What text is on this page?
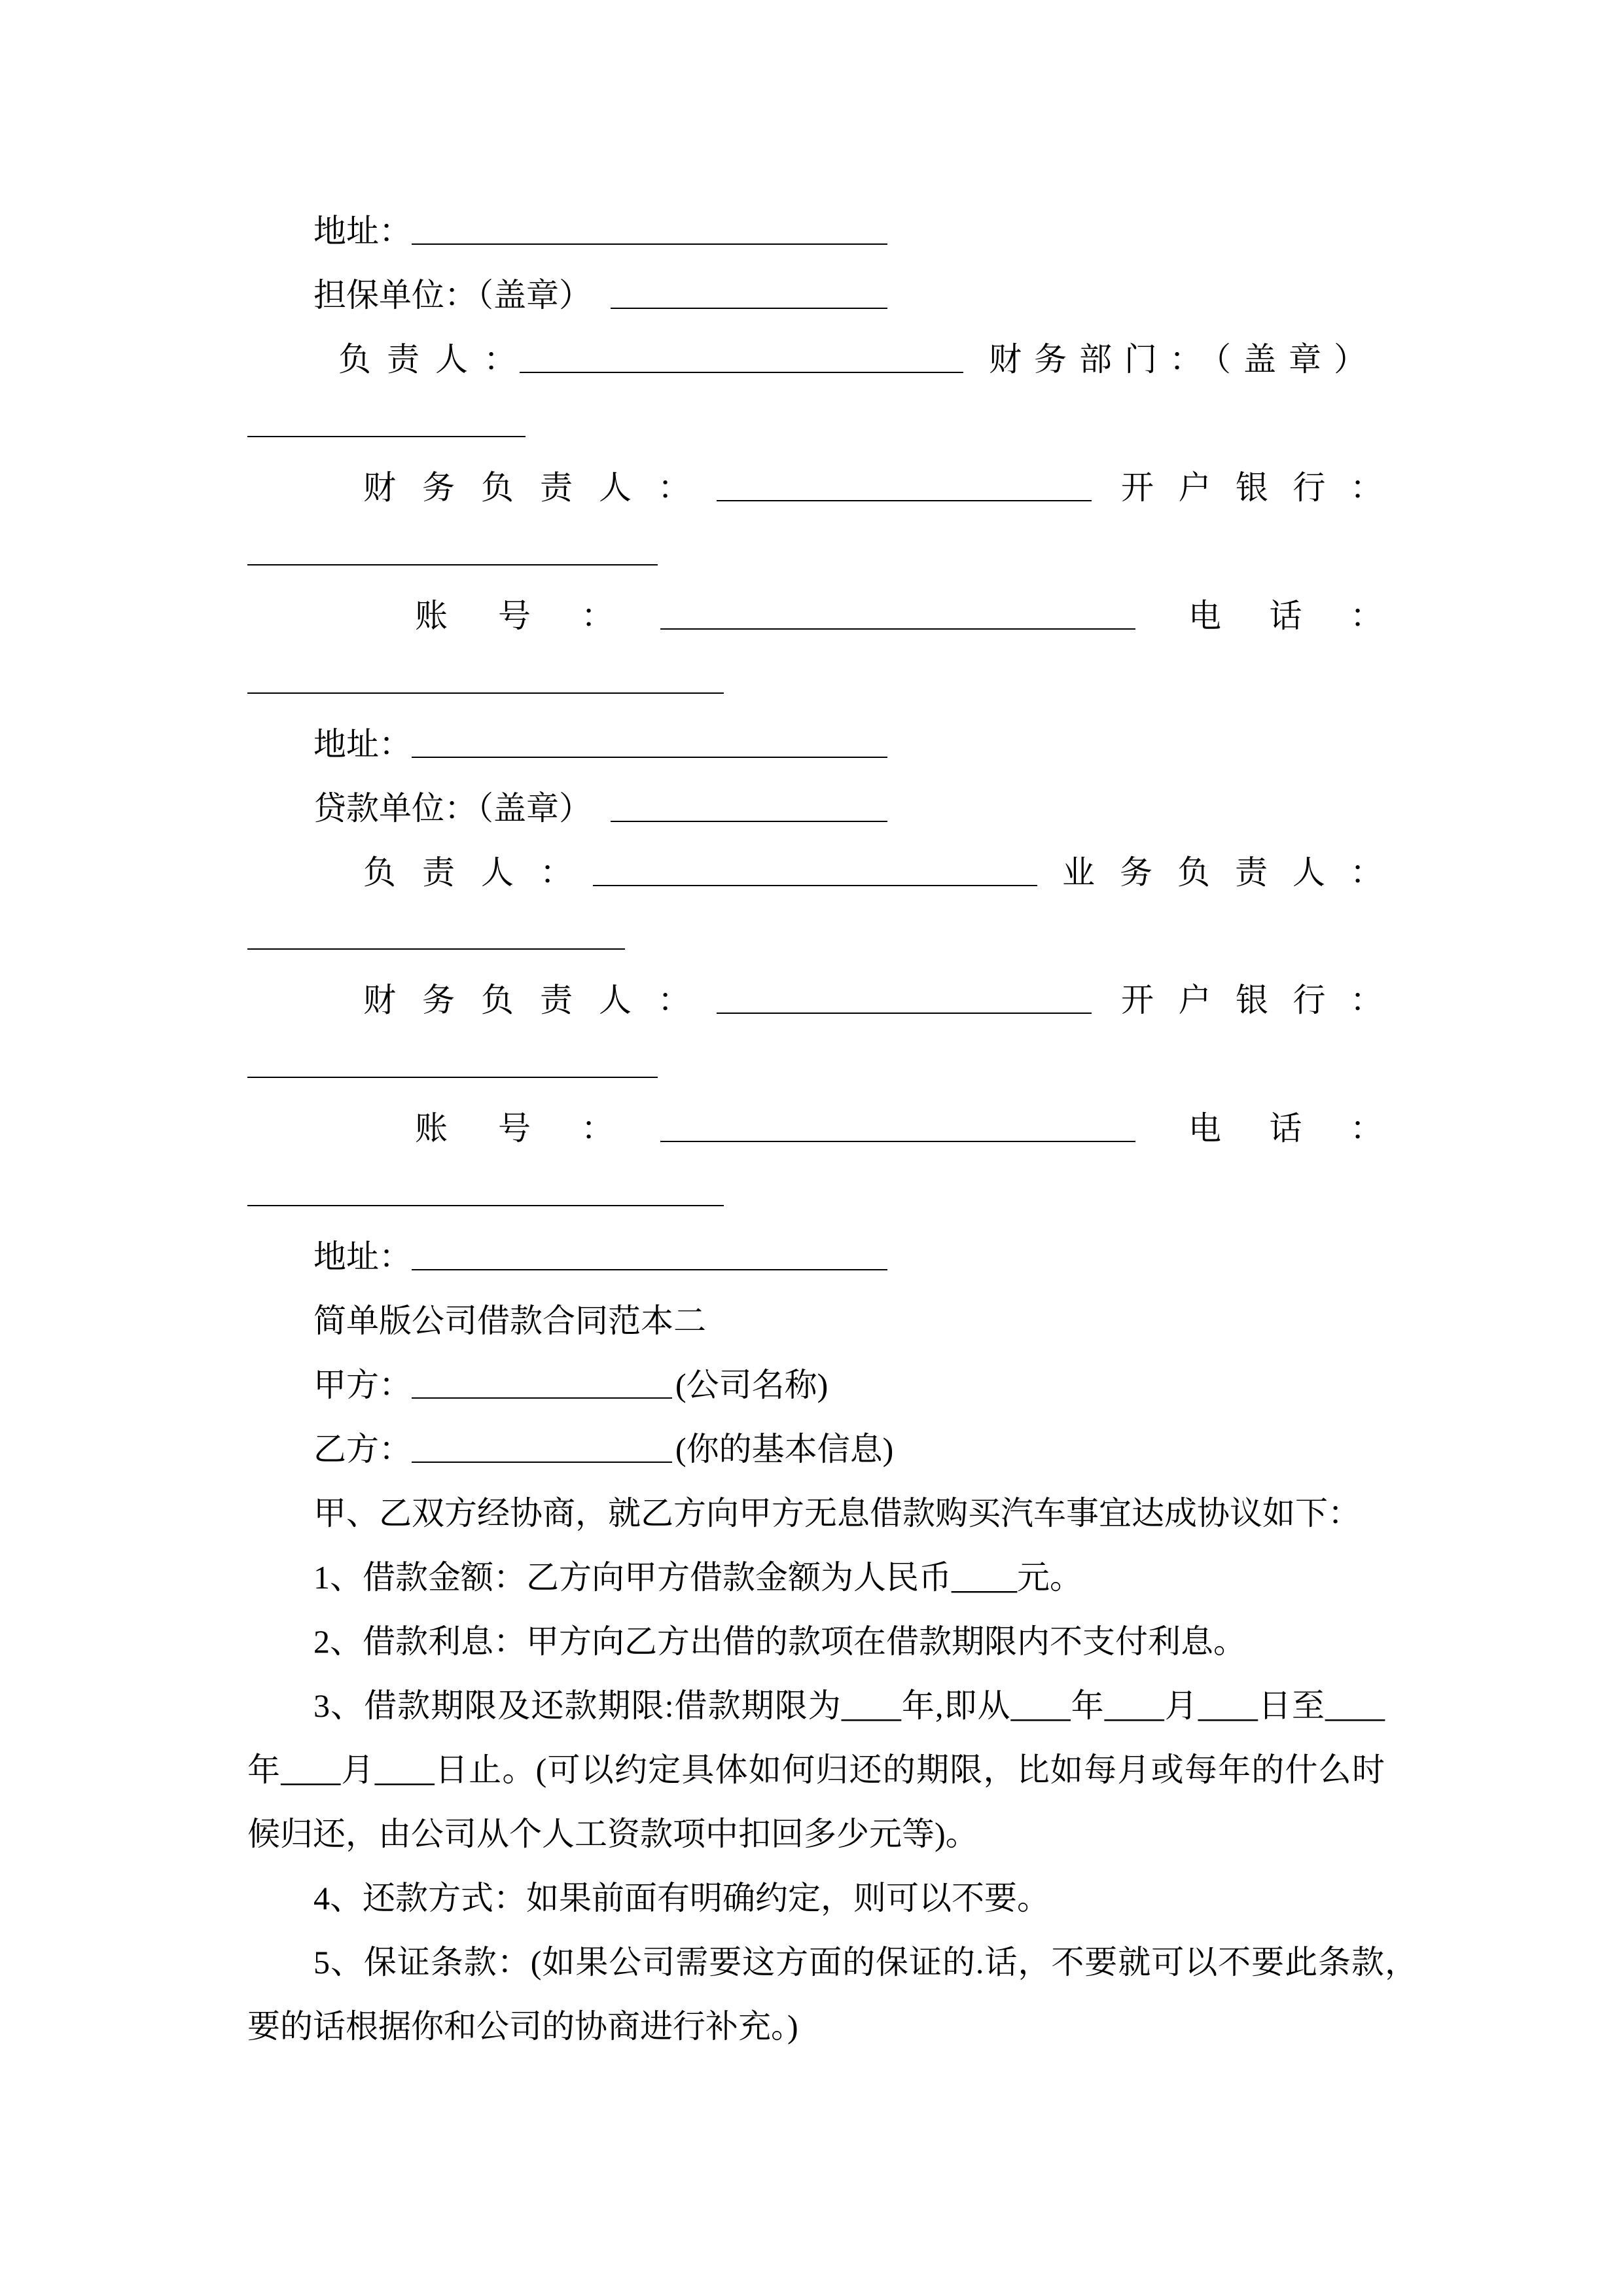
地址：
担保单位：（盖章）
负责人：	财务部门：（盖章）
财务负责人：	开户银行：
账号：	电话：
地址：
贷款单位：（盖章）
负责人：	业务负责人：
财务负责人：	开户银行：
账号：	电话：
地址：
简单版公司借款合同范本二
甲方：	(公司名称)
乙方：	(你的基本信息)
甲、乙双方经协商，就乙方向甲方无息借款购买汽车事宜达成协议如下：
1、借款金额：乙方向甲方借款金额为人民币____元。
2、借款利息：甲方向乙方出借的款项在借款期限内不支付利息。
3、借款期限及还款期限:借款期限为____年,即从____年____月____日至____
年____月____日止。(可以约定具体如何归还的期限，比如每月或每年的什么时
候归还，由公司从个人工资款项中扣回多少元等)。
4、还款方式：如果前面有明确约定，则可以不要。
5、保证条款：(如果公司需要这方面的保证的.话，不要就可以不要此条款，
要的话根据你和公司的协商进行补充。)
